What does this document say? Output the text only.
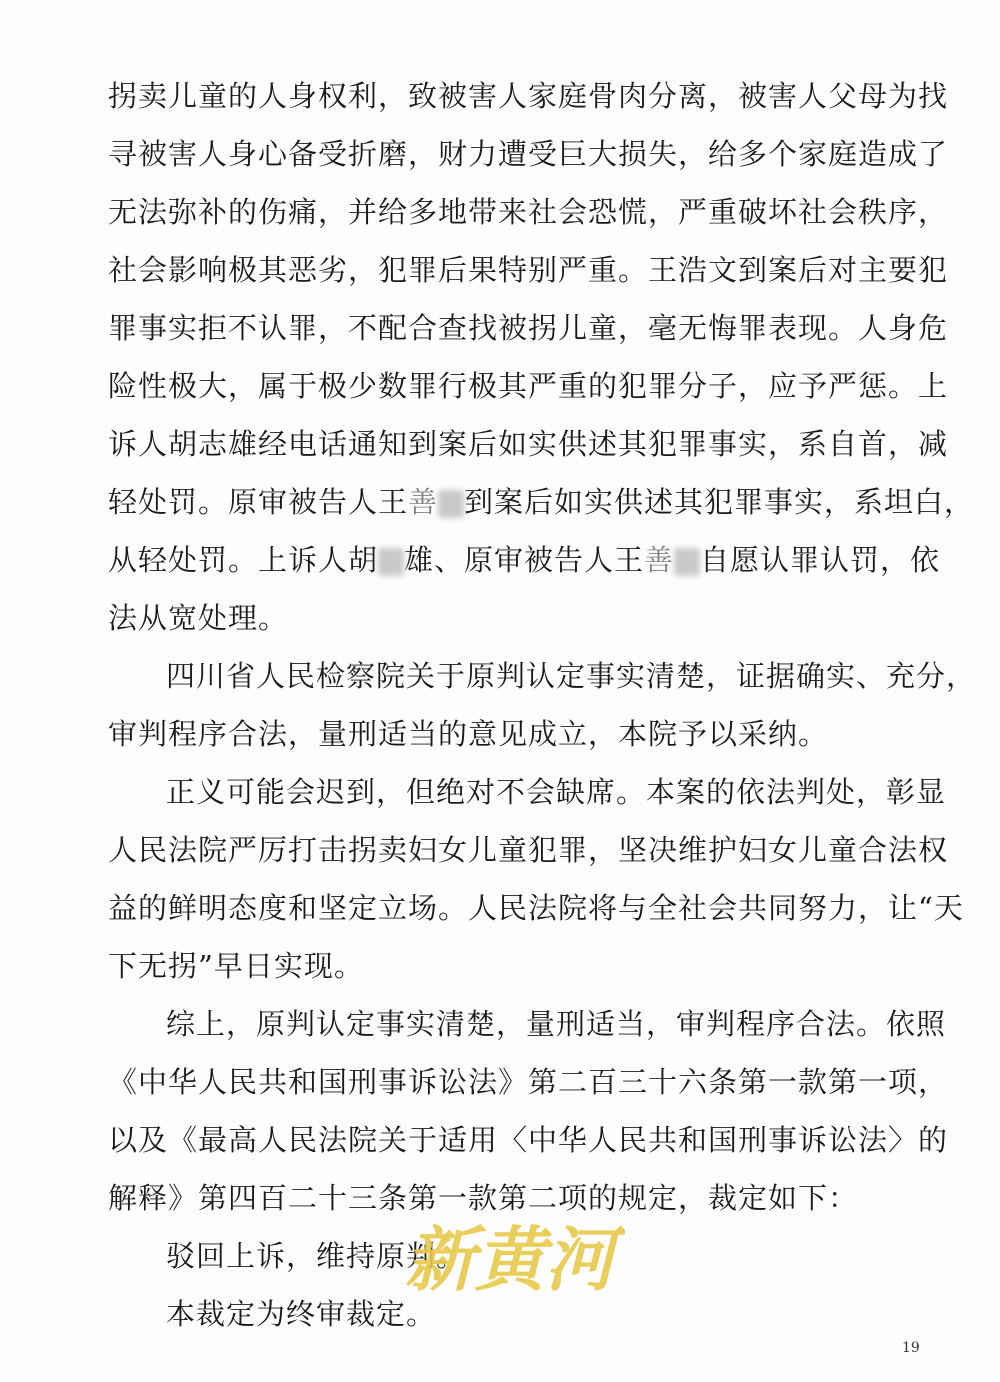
拐卖儿童的人身权利，致被害人家庭骨肉分离，被害人父母为找
寻被害人身心备受折磨，财力遭受巨大损失，给多个家庭造成了
无法弥补的伤痛，并给多地带来社会恐慌，严重破坏社会秩序，
社会影响极其恶劣，犯罪后果特别严重。王浩文到案后对主要犯
罪事实拒不认罪，不配合查找被拐儿童，毫无悔罪表现。人身危
险性极大，属于极少数罪行极其严重的犯罪分子，应予严惩。上
诉人胡志雄经电话通知到案后如实供述其犯罪事实，系自首，减
轻处罚。原审被告人王善 到案后如实供述其犯罪事实，系坦白，
从轻处罚。上诉人胡 雄、原审被告人王善 自愿认罪认罚，依
法从宽处理。
四川省人民检察院关于原判认定事实清楚，证据确实、充分，
审判程序合法，量刑适当的意见成立，本院予以采纳。
正义可能会迟到，但绝对不会缺席。本案的依法判处，彰显
人民法院严厉打击拐卖妇女儿童犯罪，坚决维护妇女儿童合法权
益的鲜明态度和坚定立场。人民法院将与全社会共同努力，让“天
下无拐”早日实现。
综上，原判认定事实清楚，量刑适当，审判程序合法。依照
《中华人民共和国刑事诉讼法》第二百三十六条第一款第一项，
以及《最高人民法院关于适用〈中华人民共和国刑事诉讼法〉的
解释》第四百二十三条第一款第二项的规定，裁定如下：
驳回上诉，维持原判。
本裁定为终审裁定。
新黄河
19
